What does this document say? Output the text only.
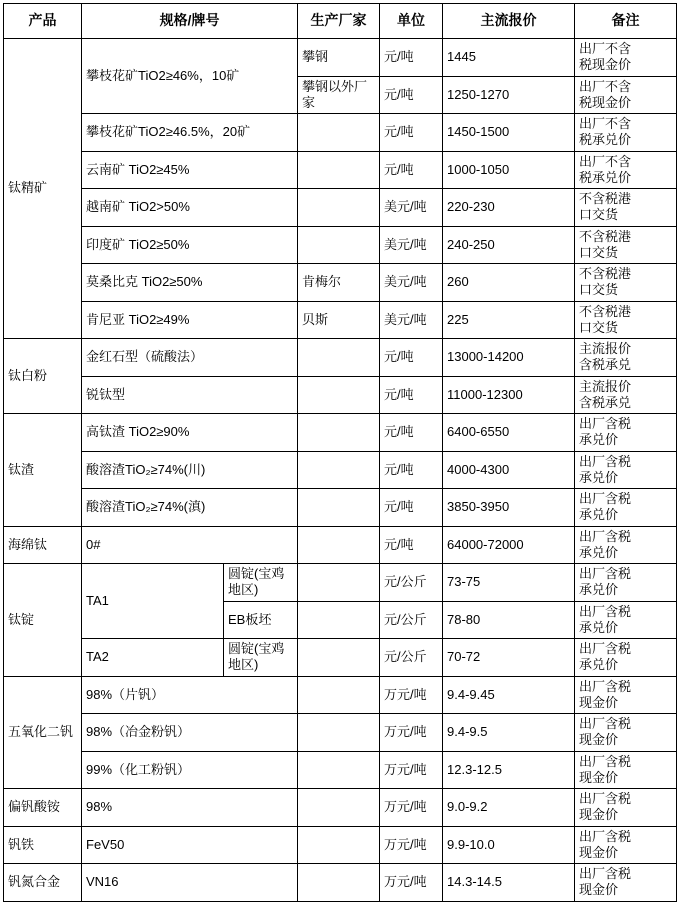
产品	规格/牌号		生产厂家	单位	主流报价	备注
钛精矿	攀枝花矿TiO2≥46%，10矿		攀钢	元/吨	1445	出厂不含
税现金价

			攀钢以外厂家	元/吨	1250-1270	出厂不含
税现金价

	攀枝花矿TiO2≥46.5%，20矿			元/吨	1450-1500	出厂不含
税承兑价

	云南矿 TiO2≥45%			元/吨	1000-1050	出厂不含
税承兑价

	越南矿 TiO2>50%			美元/吨	220-230	不含税港
口交货

	印度矿 TiO2≥50%			美元/吨	240-250	不含税港
口交货

	莫桑比克 TiO2≥50%		肯梅尔	美元/吨	260	不含税港
口交货

	肯尼亚 TiO2≥49%		贝斯	美元/吨	225	不含税港
口交货

钛白粉	金红石型（硫酸法）			元/吨	13000-14200	主流报价
含税承兑

	锐钛型			元/吨	11000-12300	主流报价
含税承兑

钛渣	高钛渣 TiO2≥90%			元/吨	6400-6550	出厂含税
承兑价

	酸溶渣TiO₂≥74%(川)			元/吨	4000-4300	出厂含税
承兑价

	酸溶渣TiO₂≥74%(滇)			元/吨	3850-3950	出厂含税
承兑价

海绵钛	0#			元/吨	64000-72000	出厂含税
承兑价

钛锭	TA1	圆锭(宝鸡地区)		元/公斤	73-75	出厂含税
承兑价

		EB板坯		元/公斤	78-80	出厂含税
承兑价

	TA2	圆锭(宝鸡地区)		元/公斤	70-72	出厂含税
承兑价

五氧化二钒	98%（片钒）			万元/吨	9.4-9.45	出厂含税
现金价

	98%（冶金粉钒）			万元/吨	9.4-9.5	出厂含税
现金价

	99%（化工粉钒）			万元/吨	12.3-12.5	出厂含税
现金价

偏钒酸铵	98%			万元/吨	9.0-9.2	出厂含税
现金价

钒铁	FeV50			万元/吨	9.9-10.0	出厂含税
现金价

钒氮合金	VN16			万元/吨	14.3-14.5	出厂含税
现金价
